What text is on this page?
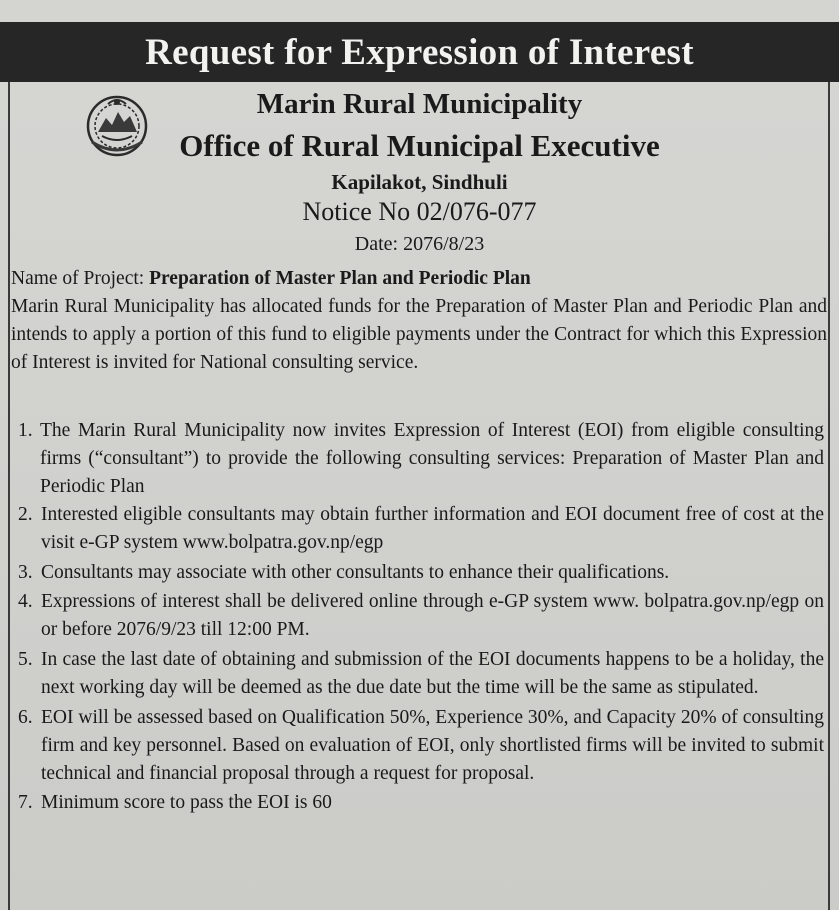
Request for Expression of Interest
Marin Rural Municipality
Office of Rural Municipal Executive
Kapilakot, Sindhuli
Notice No 02/076-077
Date: 2076/8/23
Name of Project: Preparation of Master Plan and Periodic Plan
Marin Rural Municipality has allocated funds for the Preparation of Master Plan and Periodic Plan and intends to apply a portion of this fund to eligible payments under the Contract for which this Expression of Interest is invited for National consulting service.
1. The Marin Rural Municipality now invites Expression of Interest (EOI) from eligible consulting firms (“consultant”) to provide the following consulting services: Preparation of Master Plan and Periodic Plan
2. Interested eligible consultants may obtain further information and EOI document free of cost at the visit e-GP system www.bolpatra.gov.np/egp
3. Consultants may associate with other consultants to enhance their qualifications.
4. Expressions of interest shall be delivered online through e-GP system www. bolpatra.gov.np/egp on or before 2076/9/23 till 12:00 PM.
5. In case the last date of obtaining and submission of the EOI documents happens to be a holiday, the next working day will be deemed as the due date but the time will be the same as stipulated.
6. EOI will be assessed based on Qualification 50%, Experience 30%, and Capacity 20% of consulting firm and key personnel. Based on evaluation of EOI, only shortlisted firms will be invited to submit technical and financial proposal through a request for proposal.
7. Minimum score to pass the EOI is 60
